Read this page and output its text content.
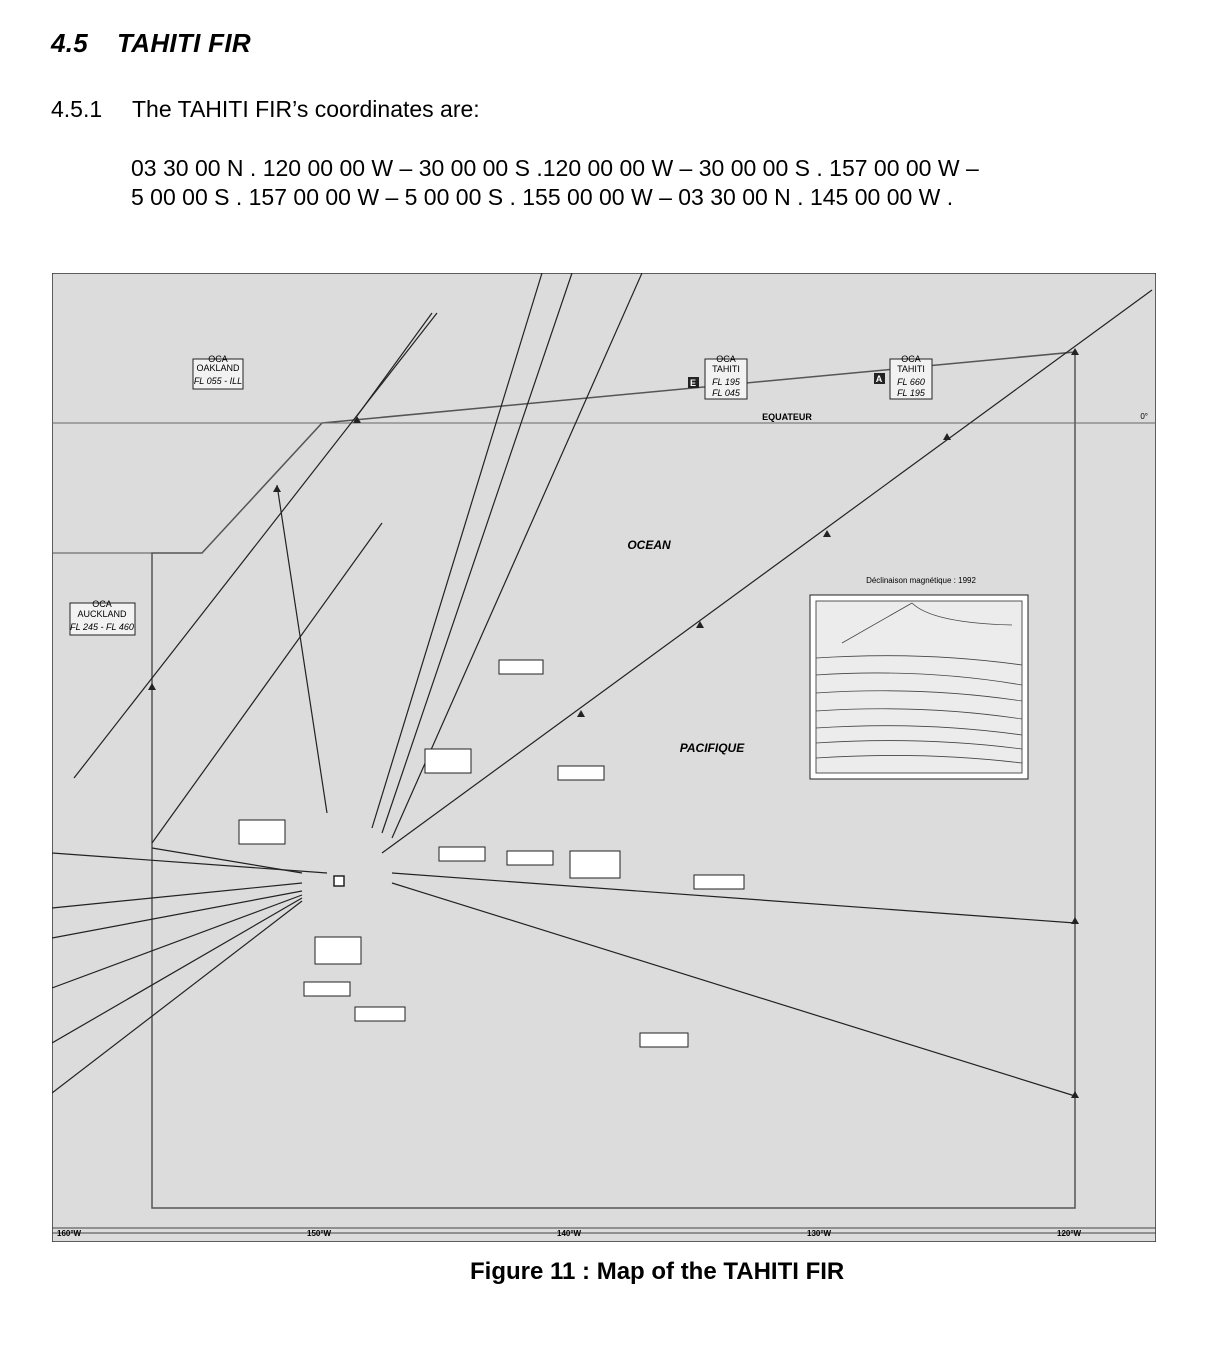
4.5 TAHITI FIR
4.5.1 The TAHITI FIR’s coordinates are:
03 30 00 N . 120 00 00 W – 30 00 00 S .120 00 00 W – 30 00 00 S . 157 00 00 W –
5 00 00 S . 157 00 00 W – 5 00 00 S . 155 00 00 W – 03 30 00 N . 145 00 00 W .
OCA
OAKLAND
FL 055 - ILL
OCA
AUCKLAND
FL 245 - FL 460
E
OCA
TAHITI
FL 195
FL 045
A
OCA
TAHITI
FL 660
FL 195
EQUATEUR
OCEAN
PACIFIQUE
Déclinaison magnétique : 1992
0°
160°W	150°W	140°W	130°W	120°W
Figure 11 : Map of the TAHITI FIR
